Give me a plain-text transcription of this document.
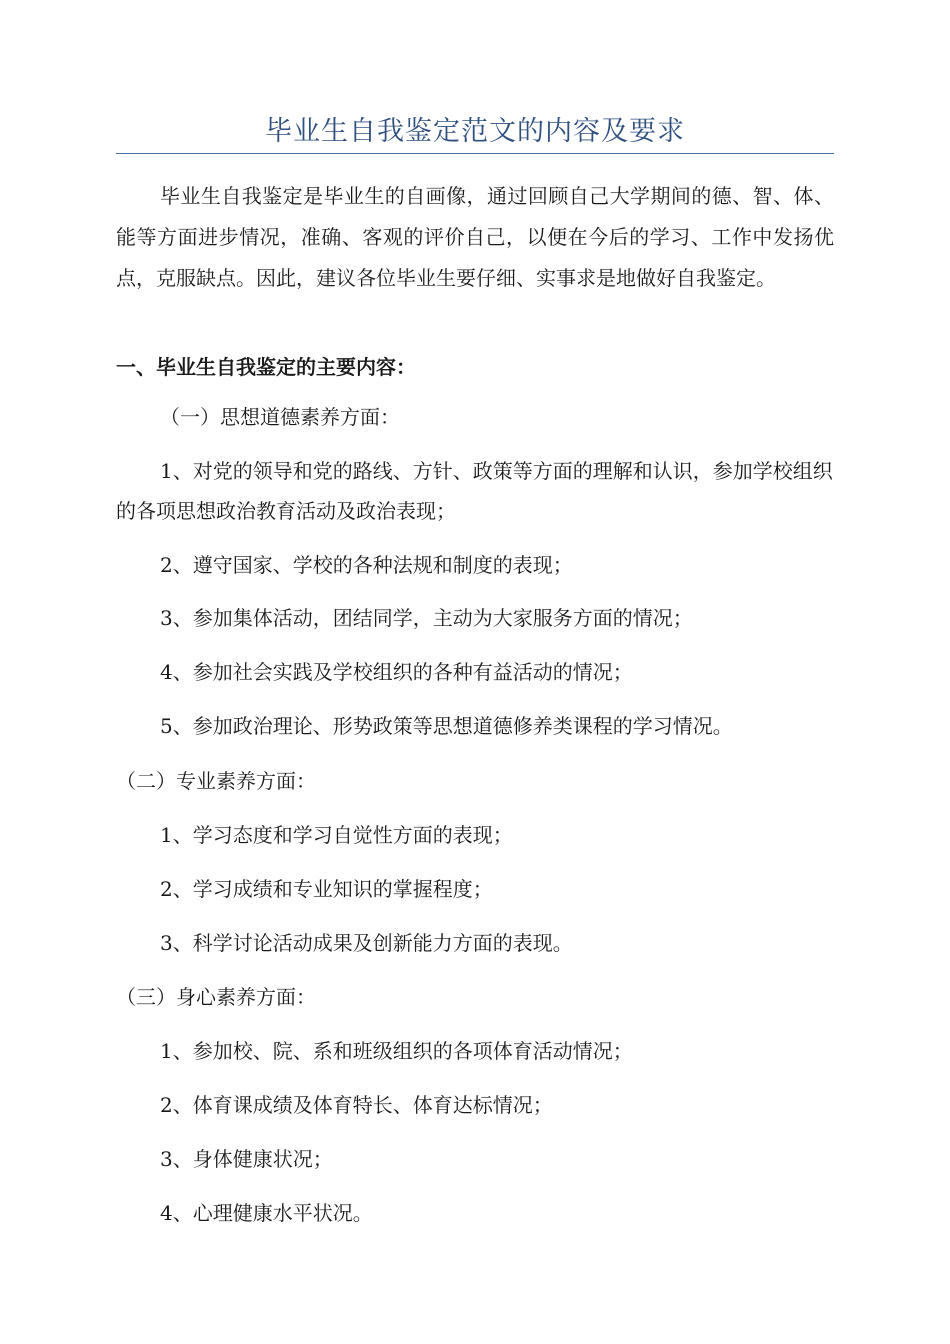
毕业生自我鉴定范文的内容及要求

毕业生自我鉴定是毕业生的自画像，通过回顾自己大学期间的德、智、体、能等方面进步情况，准确、客观的评价自己，以便在今后的学习、工作中发扬优点，克服缺点。因此，建议各位毕业生要仔细、实事求是地做好自我鉴定。

一、毕业生自我鉴定的主要内容：

（一）思想道德素养方面：

1、对党的领导和党的路线、方针、政策等方面的理解和认识，参加学校组织的各项思想政治教育活动及政治表现；

2、遵守国家、学校的各种法规和制度的表现；

3、参加集体活动，团结同学，主动为大家服务方面的情况；

4、参加社会实践及学校组织的各种有益活动的情况；

5、参加政治理论、形势政策等思想道德修养类课程的学习情况。

（二）专业素养方面：

1、学习态度和学习自觉性方面的表现；

2、学习成绩和专业知识的掌握程度；

3、科学讨论活动成果及创新能力方面的表现。

（三）身心素养方面：

1、参加校、院、系和班级组织的各项体育活动情况；

2、体育课成绩及体育特长、体育达标情况；

3、身体健康状况；

4、心理健康水平状况。
